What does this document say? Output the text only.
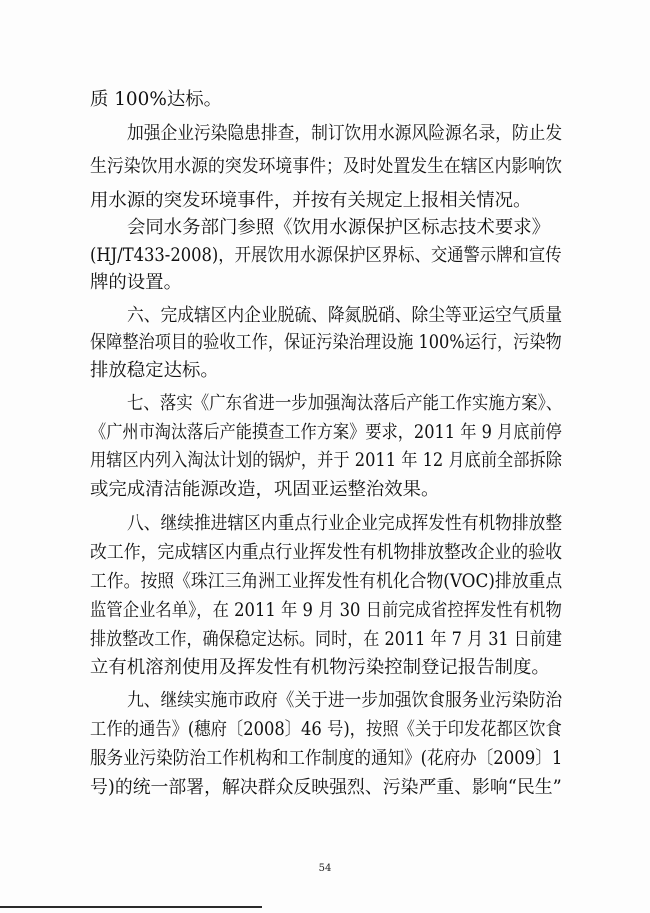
质 100%达标。
加强企业污染隐患排查，制订饮用水源风险源名录，防止发
生污染饮用水源的突发环境事件；及时处置发生在辖区内影响饮
用水源的突发环境事件，并按有关规定上报相关情况。
会同水务部门参照《饮用水源保护区标志技术要求》
(HJ/T433-2008)，开展饮用水源保护区界标、交通警示牌和宣传
牌的设置。
六、完成辖区内企业脱硫、降氮脱硝、除尘等亚运空气质量
保障整治项目的验收工作，保证污染治理设施 100%运行，污染物
排放稳定达标。
七、落实《广东省进一步加强淘汰落后产能工作实施方案》、
《广州市淘汰落后产能摸查工作方案》要求，2011 年 9 月底前停
用辖区内列入淘汰计划的锅炉，并于 2011 年 12 月底前全部拆除
或完成清洁能源改造，巩固亚运整治效果。
八、继续推进辖区内重点行业企业完成挥发性有机物排放整
改工作，完成辖区内重点行业挥发性有机物排放整改企业的验收
工作。按照《珠江三角洲工业挥发性有机化合物(VOC)排放重点
监管企业名单》，在 2011 年 9 月 30 日前完成省控挥发性有机物
排放整改工作，确保稳定达标。同时，在 2011 年 7 月 31 日前建
立有机溶剂使用及挥发性有机物污染控制登记报告制度。
九、继续实施市政府《关于进一步加强饮食服务业污染防治
工作的通告》(穗府〔2008〕46 号)，按照《关于印发花都区饮食
服务业污染防治工作机构和工作制度的通知》(花府办〔2009〕1
号)的统一部署，解决群众反映强烈、污染严重、影响“民生”
54
